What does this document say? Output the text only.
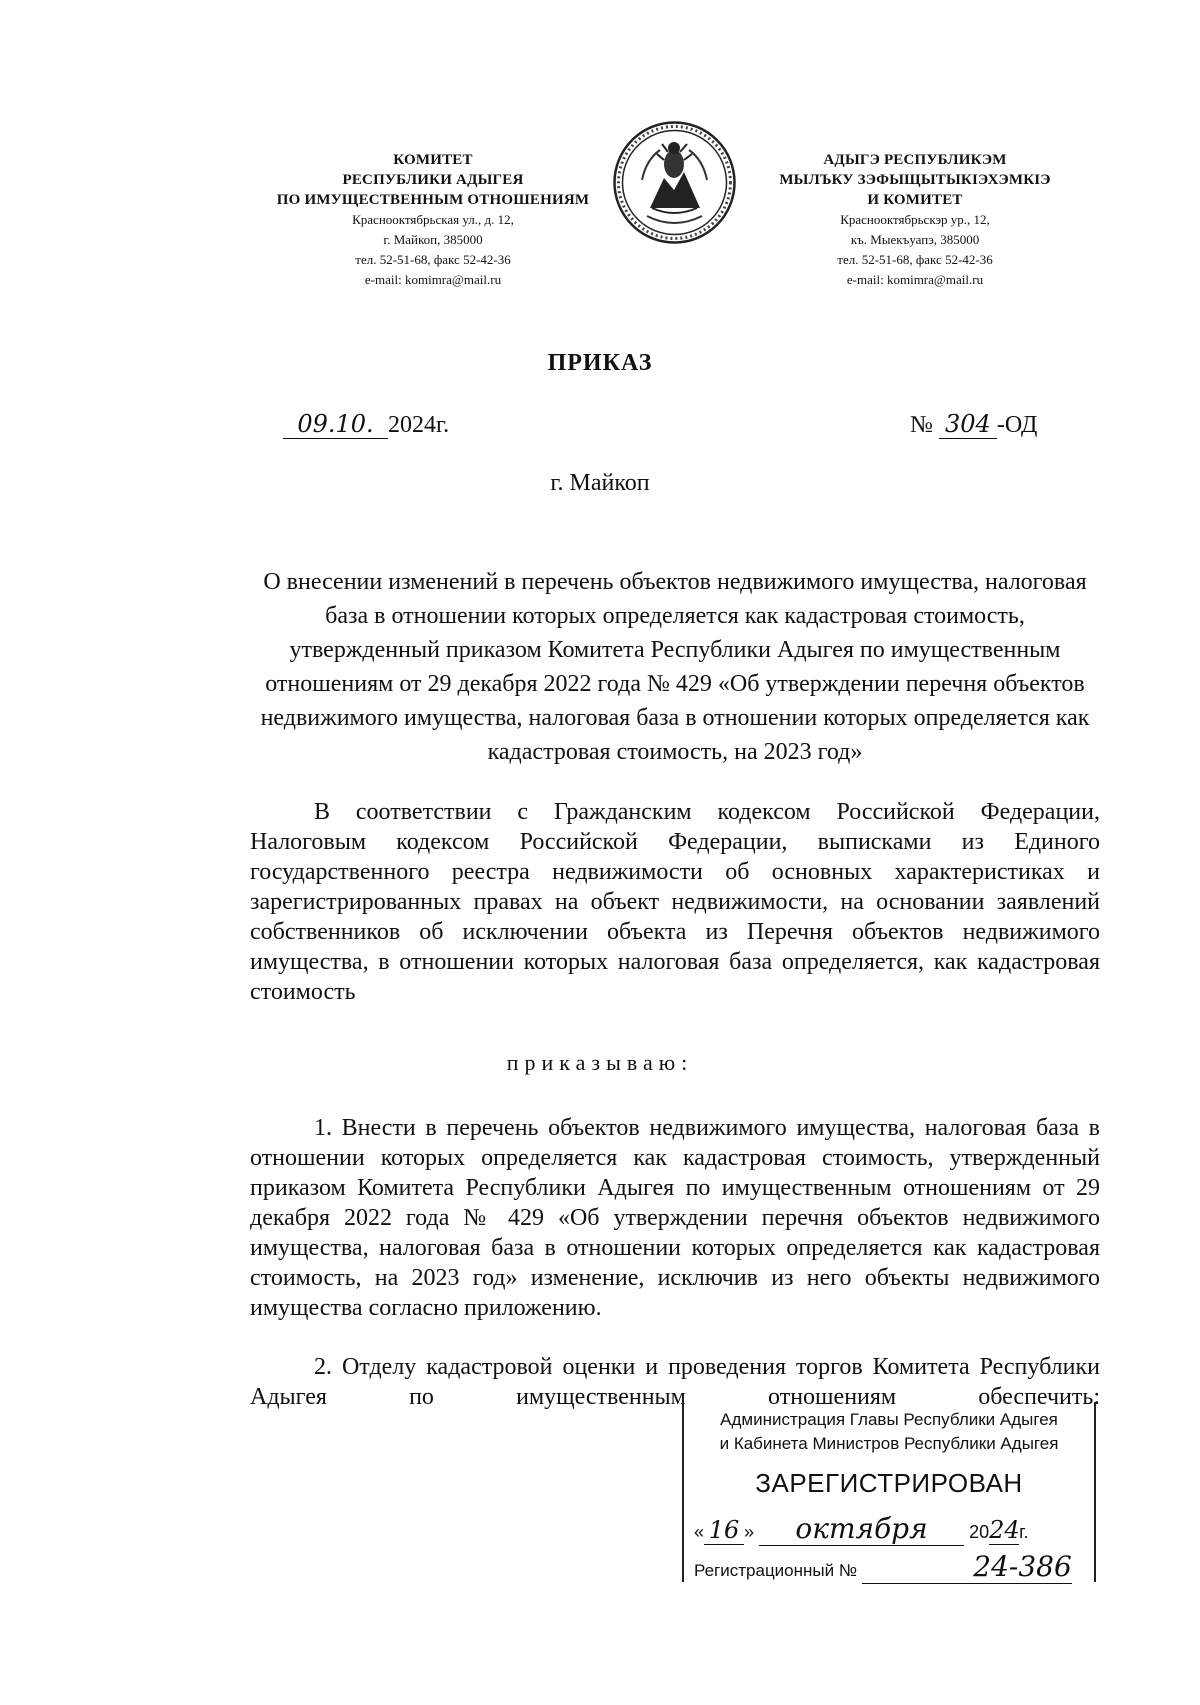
КОМИТЕТ
РЕСПУБЛИКИ АДЫГЕЯ
ПО ИМУЩЕСТВЕННЫМ ОТНОШЕНИЯМ
Краснооктябрьская ул., д. 12,
г. Майкоп, 385000
тел. 52-51-68, факс 52-42-36
e-mail: komimra@mail.ru
АДЫГЭ РЕСПУБЛИКЭМ
МЫЛЪКУ ЗЭФЫЩЫТЫКIЭХЭМКIЭ
И КОМИТЕТ
Краснооктябрьскэр ур., 12,
къ. Мыекъуапэ, 385000
тел. 52-51-68, факс 52-42-36
e-mail: komimra@mail.ru
ПРИКАЗ
09.10. 2024г.	№ 304 -ОД
г. Майкоп
О внесении изменений в перечень объектов недвижимого имущества, налоговая база в отношении которых определяется как кадастровая стоимость, утвержденный приказом Комитета Республики Адыгея по имущественным отношениям от 29 декабря 2022 года № 429 «Об утверждении перечня объектов недвижимого имущества, налоговая база в отношении которых определяется как кадастровая стоимость, на 2023 год»
В соответствии с Гражданским кодексом Российской Федерации, Налоговым кодексом Российской Федерации, выписками из Единого государственного реестра недвижимости об основных характеристиках и зарегистрированных правах на объект недвижимости, на основании заявлений собственников об исключении объекта из Перечня объектов недвижимого имущества, в отношении которых налоговая база определяется, как кадастровая стоимость
приказываю:
1. Внести в перечень объектов недвижимого имущества, налоговая база в отношении которых определяется как кадастровая стоимость, утвержденный приказом Комитета Республики Адыгея по имущественным отношениям от 29 декабря 2022 года № 429 «Об утверждении перечня объектов недвижимого имущества, налоговая база в отношении которых определяется как кадастровая стоимость, на 2023 год» изменение, исключив из него объекты недвижимого имущества согласно приложению.
2. Отделу кадастровой оценки и проведения торгов Комитета Республики Адыгея по имущественным отношениям обеспечить:
Администрация Главы Республики Адыгея
и Кабинета Министров Республики Адыгея
ЗАРЕГИСТРИРОВАН
« 16 » октября 2024г.
Регистрационный №	24-386
